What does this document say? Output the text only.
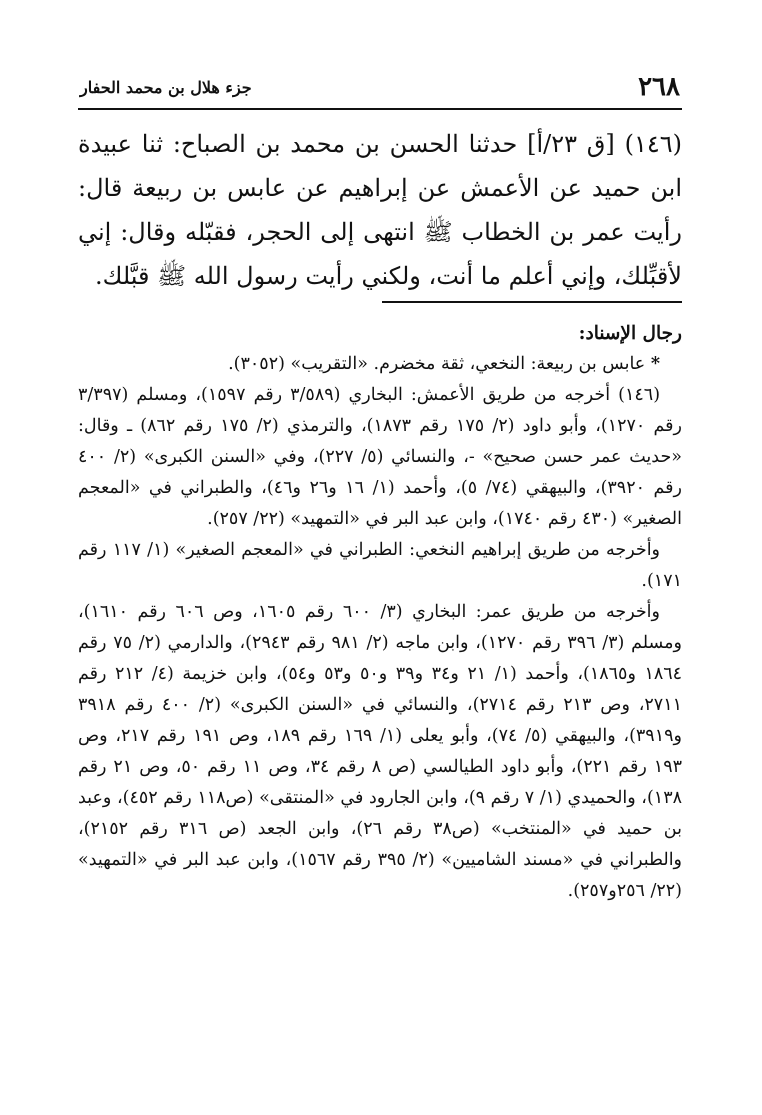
٢٦٨
جزء هلال بن محمد الحفار

(١٤٦) [ق ٢٣/أ] حدثنا الحسن بن محمد بن الصباح: ثنا عبيدة ابن حميد عن الأعمش عن إبراهيم عن عابس بن ربيعة قال: رأيت عمر بن الخطاب ﷺ انتهى إلى الحجر، فقبّله وقال: إني لأقبِّلك، وإني أعلم ما أنت، ولكني رأيت رسول الله ﷺ قبَّلك.

رجال الإسناد:

* عابس بن ربيعة: النخعي، ثقة مخضرم. «التقريب» (٣٠٥٢).

(١٤٦) أخرجه من طريق الأعمش: البخاري (٣/٥٨٩ رقم ١٥٩٧)، ومسلم (٣/٣٩٧ رقم ١٢٧٠)، وأبو داود (٢/ ١٧٥ رقم ١٨٧٣)، والترمذي (٢/ ١٧٥ رقم ٨٦٢) ـ وقال: «حديث عمر حسن صحيح» -، والنسائي (٥/ ٢٢٧)، وفي «السنن الكبرى» (٢/ ٤٠٠ رقم ٣٩٢٠)، والبيهقي (٧٤/ ٥)، وأحمد (١/ ١٦ و٢٦ و٤٦)، والطبراني في «المعجم الصغير» (٤٣٠ رقم ١٧٤٠)، وابن عبد البر في «التمهيد» (٢٢/ ٢٥٧).

وأخرجه من طريق إبراهيم النخعي: الطبراني في «المعجم الصغير» (١/ ١١٧ رقم ١٧١).

وأخرجه من طريق عمر: البخاري (٣/ ٦٠٠ رقم ١٦٠٥، وص ٦٠٦ رقم ١٦١٠)، ومسلم (٣/ ٣٩٦ رقم ١٢٧٠)، وابن ماجه (٢/ ٩٨١ رقم ٢٩٤٣)، والدارمي (٢/ ٧٥ رقم ١٨٦٤ و١٨٦٥)، وأحمد (١/ ٢١ و٣٤ و٣٩ و٥٠ و٥٣ و٥٤)، وابن خزيمة (٤/ ٢١٢ رقم ٢٧١١، وص ٢١٣ رقم ٢٧١٤)، والنسائي في «السنن الكبرى» (٢/ ٤٠٠ رقم ٣٩١٨ و٣٩١٩)، والبيهقي (٥/ ٧٤)، وأبو يعلى (١/ ١٦٩ رقم ١٨٩، وص ١٩١ رقم ٢١٧، وص ١٩٣ رقم ٢٢١)، وأبو داود الطيالسي (ص ٨ رقم ٣٤، وص ١١ رقم ٥٠، وص ٢١ رقم ١٣٨)، والحميدي (١/ ٧ رقم ٩)، وابن الجارود في «المنتقى» (ص١١٨ رقم ٤٥٢)، وعبد بن حميد في «المنتخب» (ص٣٨ رقم ٢٦)، وابن الجعد (ص ٣١٦ رقم ٢١٥٢)، والطبراني في «مسند الشاميين» (٢/ ٣٩٥ رقم ١٥٦٧)، وابن عبد البر في «التمهيد» (٢٢/ ٢٥٦و٢٥٧).
